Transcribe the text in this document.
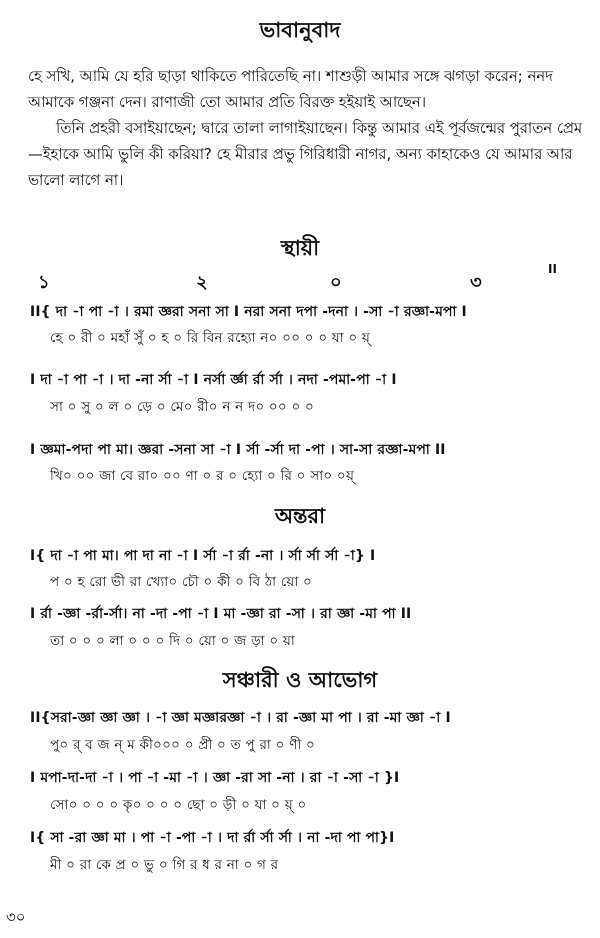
ভাবানুবাদ

হে সখি, আমি যে হরি ছাড়া থাকিতে পারিতেছি না। শাশুড়ী আমার সঙ্গে ঝগড়া করেন; ননদ আমাকে গঞ্জনা দেন। রাণাজী তো আমার প্রতি বিরক্ত হইয়াই আছেন।

তিনি প্রহরী বসাইয়াছেন; দ্বারে তালা লাগাইয়াছেন। কিন্তু আমার এই পূর্বজন্মের পুরাতন প্রেম—ইহাকে আমি ভুলি কী করিয়া? হে মীরার প্রভু গিরিধারী নাগর, অন্য কাহাকেও যে আমার আর ভালো লাগে না।

স্থায়ী
১	২	০	৩
II
II{ দা -া পা -া । রমা জ্ঞরা সনা সা I নরা সনা দপা -দনা । -সা -া রজ্ঞা-মপা I
হে ০ রী ০ মহাঁ সুঁ ০ হ ০ রি বিন রহ্যো ন০ ০০ ০ ০ যা ০ য়্
I দা -া পা -া । দা -না র্সা -া I নর্সা র্জ্ঞা র্রা র্সা । নদা -পমা-পা -া I
সা ০ সু ০ ল ০ ড়ে ০ মে০ রী০ ন ন দ০ ০০ ০ ০
I জ্ঞমা-পদা পা মা। জ্ঞরা -সনা সা -া I র্সা -র্সা দা -পা । সা-সা রজ্ঞা-মপা II
খি০ ০০ জা বে রা০ ০০ ণা ০ র ০ হ্যো ০ রি ০ সা০ ০য়্
অন্তরা
I{ দা -া পা মা। পা দা না -া I র্সা -া র্রা -না । র্সা র্সা র্সা -া} I
প ০ হ রো ভী রা খ্যো০ চৌ ০ কী ০ বি ঠা য়ো ০
I র্রা -জ্ঞা -র্রা-র্সা। না -দা -পা -া I মা -জ্ঞা রা -সা । রা জ্ঞা -মা পা II
তা ০ ০ ০ লা ০ ০ ০ দি ০ য়ো ০ জ ড়া ০ য়া
সঞ্চারী ও আভোগ
II{সরা-জ্ঞা জ্ঞা জ্ঞা । -া জ্ঞা মজ্ঞারজ্ঞা -া । রা -জ্ঞা মা পা । রা -মা জ্ঞা -া I
পু০ র্ ব জ ন্ ম কী০০০ ০ প্রী ০ ত পু রা ০ ণী ০
I মপা-দা-দা -া । পা -া -মা -া । জ্ঞা -রা সা -না । রা -া -সা -া }I
সো০ ০ ০ ০ কৃ০ ০ ০ ০ ছো ০ ড়ী ০ যা ০ য়্ ০
I{ সা -রা জ্ঞা মা । পা -া -পা -া । দা র্রা র্সা র্সা । না -দা পা পা}I
মী ০ রা কে প্র ০ ভু ০ গি র ধ র না ০ গ র
৩০
